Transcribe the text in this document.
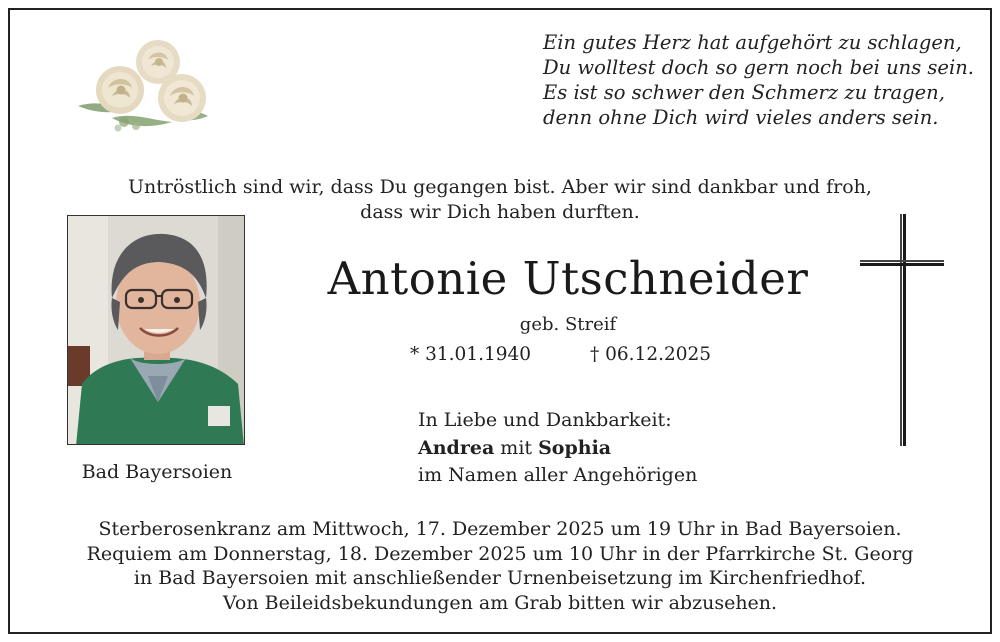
Ein gutes Herz hat aufgehört zu schlagen,
Du wolltest doch so gern noch bei uns sein.
Es ist so schwer den Schmerz zu tragen,
denn ohne Dich wird vieles anders sein.
Untröstlich sind wir, dass Du gegangen bist. Aber wir sind dankbar und froh,
dass wir Dich haben durften.
Bad Bayersoien
Antonie Utschneider
geb. Streif
* 31.01.1940	† 06.12.2025
In Liebe und Dankbarkeit:
Andrea mit Sophia
im Namen aller Angehörigen
Sterberosenkranz am Mittwoch, 17. Dezember 2025 um 19 Uhr in Bad Bayersoien.
Requiem am Donnerstag, 18. Dezember 2025 um 10 Uhr in der Pfarrkirche St. Georg
in Bad Bayersoien mit anschließender Urnenbeisetzung im Kirchenfriedhof.
Von Beileidsbekundungen am Grab bitten wir abzusehen.
